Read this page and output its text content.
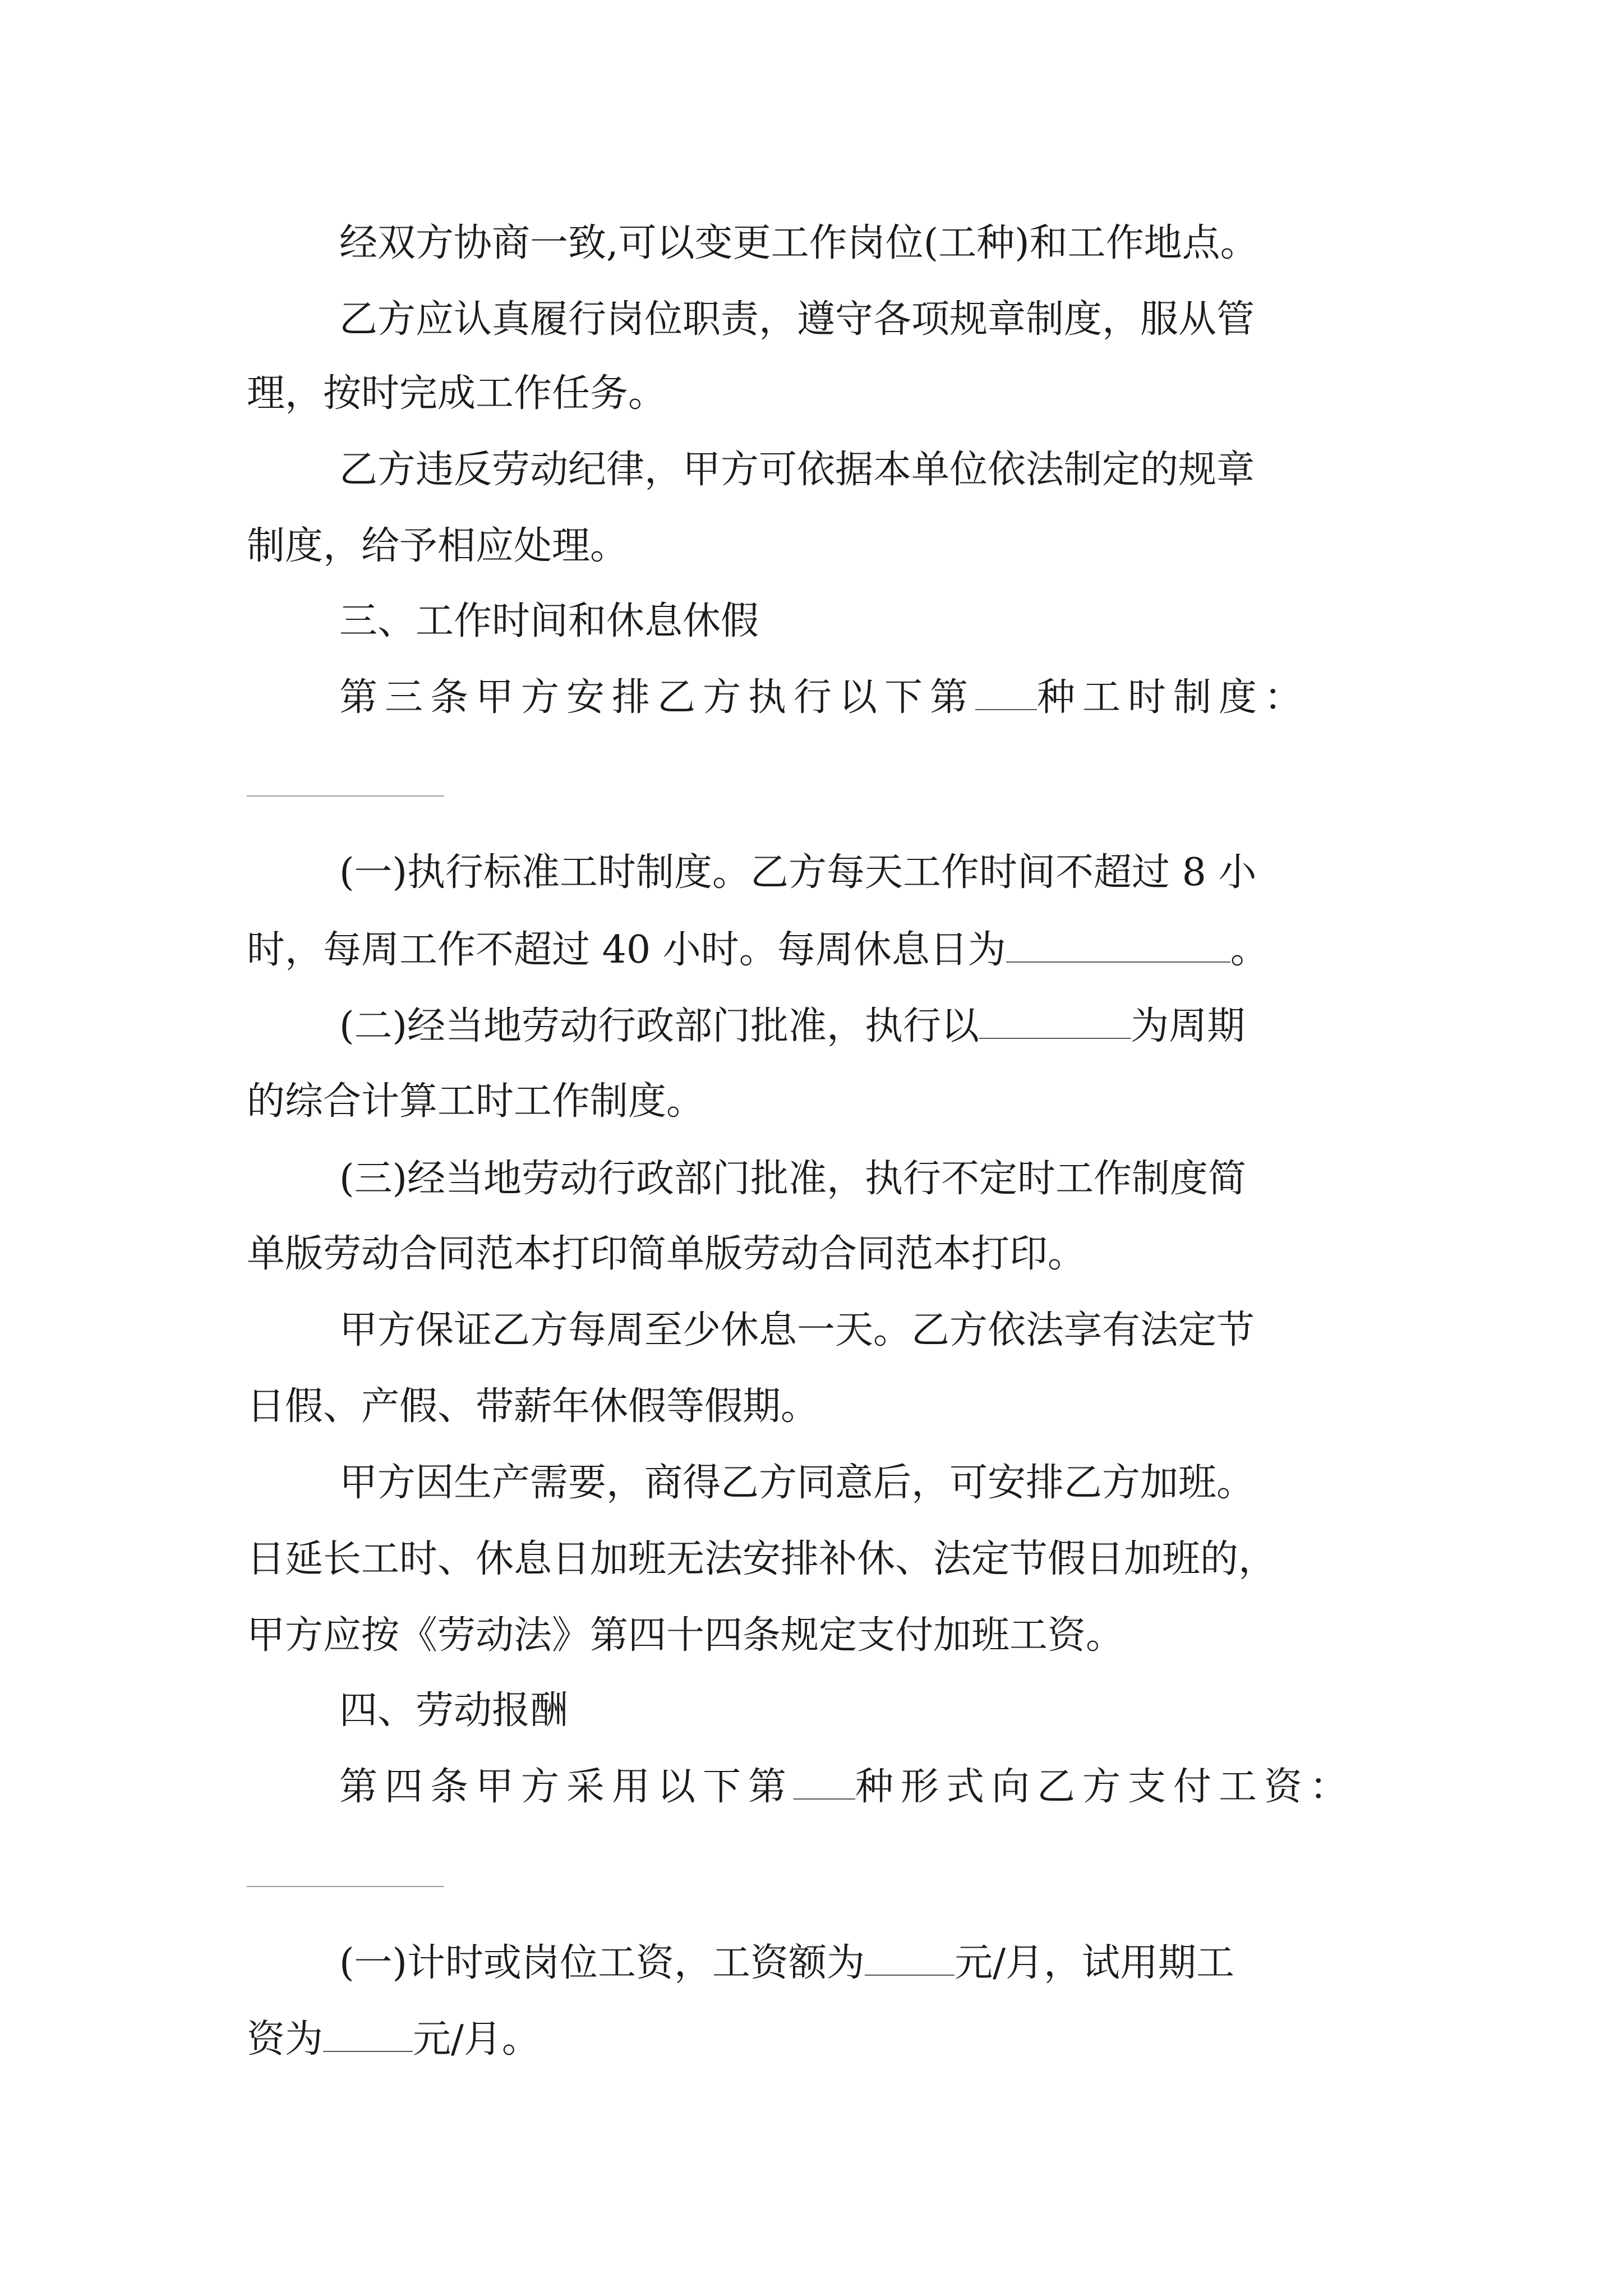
经双方协商一致,可以变更工作岗位(工种)和工作地点。
乙方应认真履行岗位职责，遵守各项规章制度，服从管
理，按时完成工作任务。
乙方违反劳动纪律，甲方可依据本单位依法制定的规章
制度，给予相应处理。
三、工作时间和休息休假
第三条甲方安排乙方执行以下第 种工时制度：
(一)执行标准工时制度。乙方每天工作时间不超过 8 小
时，每周工作不超过 40 小时。每周休息日为	。
(二)经当地劳动行政部门批准，执行以	为周期
的综合计算工时工作制度。
(三)经当地劳动行政部门批准，执行不定时工作制度简
单版劳动合同范本打印简单版劳动合同范本打印。
甲方保证乙方每周至少休息一天。乙方依法享有法定节
日假、产假、带薪年休假等假期。
甲方因生产需要，商得乙方同意后，可安排乙方加班。
日延长工时、休息日加班无法安排补休、法定节假日加班的，
甲方应按《劳动法》第四十四条规定支付加班工资。
四、劳动报酬
第四条甲方采用以下第 种形式向乙方支付工资：
(一)计时或岗位工资，工资额为 元/月，试用期工
资为 元/月。
